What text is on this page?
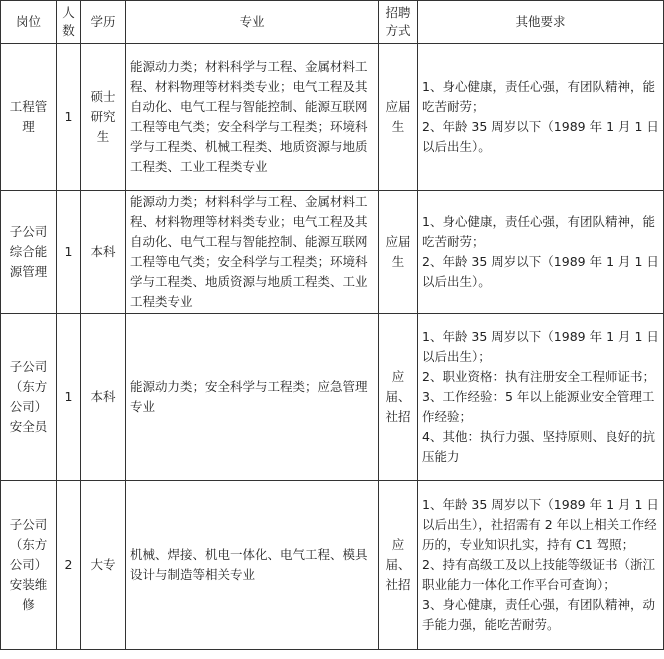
岗位	人数	学历	专业	招聘方式	其他要求
工程管理	1	硕士研究生	能源动力类；材料科学与工程、金属材料工程、材料物理等材料类专业；电气工程及其自动化、电气工程与智能控制、能源互联网工程等电气类；安全科学与工程类；环境科学与工程类、机械工程类、地质资源与地质工程类、工业工程类专业	应届生	1、身心健康，责任心强，有团队精神，能吃苦耐劳；
2、年龄 35 周岁以下（1989 年 1 月 1 日以后出生）。
子公司综合能源管理	1	本科	能源动力类；材料科学与工程、金属材料工程、材料物理等材料类专业；电气工程及其自动化、电气工程与智能控制、能源互联网工程等电气类；安全科学与工程类；环境科学与工程类、地质资源与地质工程类、工业工程类专业	应届生	1、身心健康，责任心强，有团队精神，能吃苦耐劳；
2、年龄 35 周岁以下（1989 年 1 月 1 日以后出生）。
子公司（东方公司）安全员	1	本科	能源动力类；安全科学与工程类；应急管理专业	应届、社招	1、年龄 35 周岁以下（1989 年 1 月 1 日以后出生）；
2、职业资格：执有注册安全工程师证书；
3、工作经验：5 年以上能源业安全管理工作经验；
4、其他：执行力强、坚持原则、良好的抗压能力
子公司（东方公司）安装维修	2	大专	机械、焊接、机电一体化、电气工程、模具设计与制造等相关专业	应届、社招	1、年龄 35 周岁以下（1989 年 1 月 1 日以后出生），社招需有 2 年以上相关工作经历的，专业知识扎实，持有 C1 驾照；
2、持有高级工及以上技能等级证书（浙江职业能力一体化工作平台可查询）；
3、身心健康，责任心强，有团队精神，动手能力强，能吃苦耐劳。
